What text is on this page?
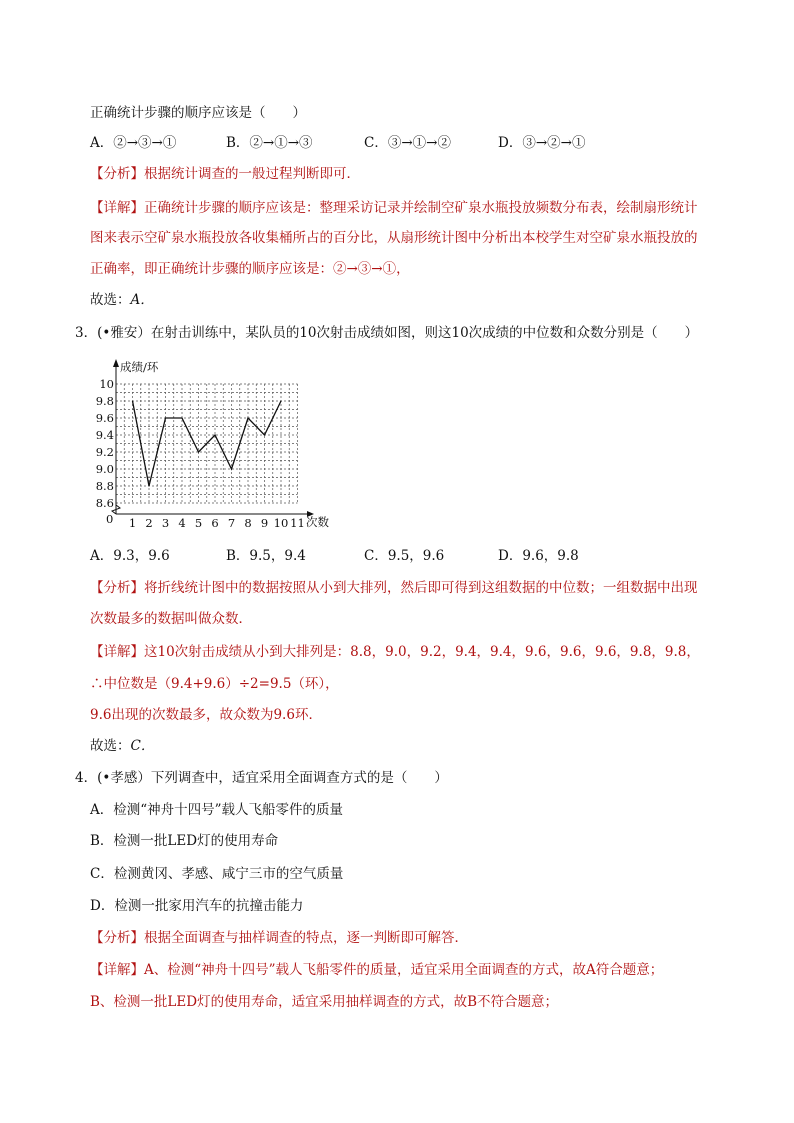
正确统计步骤的顺序应该是（　　）
A．②→③→①	B．②→①→③	C．③→①→②	D．③→②→①
【分析】根据统计调查的一般过程判断即可．
【详解】正确统计步骤的顺序应该是：整理采访记录并绘制空矿泉水瓶投放频数分布表，绘制扇形统计
图来表示空矿泉水瓶投放各收集桶所占的百分比，从扇形统计图中分析出本校学生对空矿泉水瓶投放的
正确率，即正确统计步骤的顺序应该是：②→③→①，
故选：A．
3．(•雅安）在射击训练中，某队员的10次射击成绩如图，则这10次成绩的中位数和众数分别是（　　）
10
9.8
9.6
9.4
9.2
9.0
8.8
8.6
1 2 3 4 5 6 7 8 9 10 11
成绩/环
次数
0
A．9.3，9.6	B．9.5，9.4	C．9.5，9.6	D．9.6，9.8
【分析】将折线统计图中的数据按照从小到大排列，然后即可得到这组数据的中位数；一组数据中出现
次数最多的数据叫做众数．
【详解】这10次射击成绩从小到大排列是：8.8，9.0，9.2，9.4，9.4，9.6，9.6，9.6，9.8，9.8，
∴中位数是（9.4+9.6）÷2=9.5（环），
9.6出现的次数最多，故众数为9.6环．
故选：C．
4．(•孝感）下列调查中，适宜采用全面调查方式的是（　　）
A．检测“神舟十四号”载人飞船零件的质量
B．检测一批LED灯的使用寿命
C．检测黄冈、孝感、咸宁三市的空气质量
D．检测一批家用汽车的抗撞击能力
【分析】根据全面调查与抽样调查的特点，逐一判断即可解答．
【详解】A、检测“神舟十四号”载人飞船零件的质量，适宜采用全面调查的方式，故A符合题意；
B、检测一批LED灯的使用寿命，适宜采用抽样调查的方式，故B不符合题意；
